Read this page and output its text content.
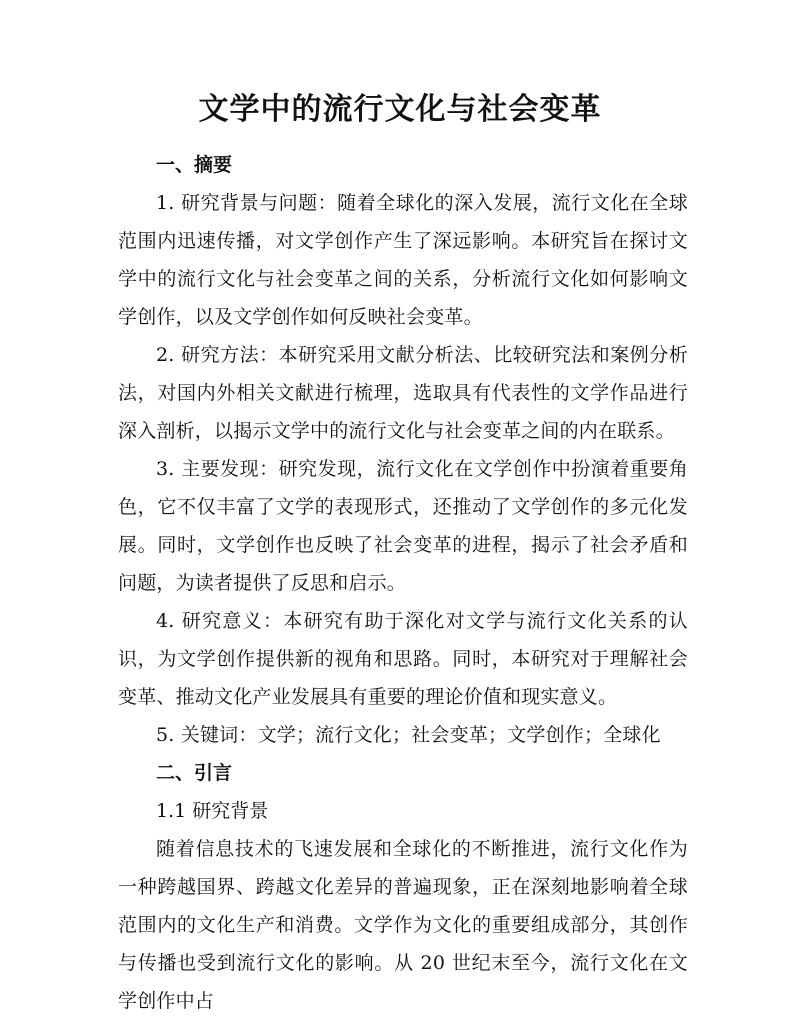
文学中的流行文化与社会变革
一、摘要

1. 研究背景与问题：随着全球化的深入发展，流行文化在全球范围内迅速传播，对文学创作产生了深远影响。本研究旨在探讨文学中的流行文化与社会变革之间的关系，分析流行文化如何影响文学创作，以及文学创作如何反映社会变革。

2. 研究方法：本研究采用文献分析法、比较研究法和案例分析法，对国内外相关文献进行梳理，选取具有代表性的文学作品进行深入剖析，以揭示文学中的流行文化与社会变革之间的内在联系。

3. 主要发现：研究发现，流行文化在文学创作中扮演着重要角色，它不仅丰富了文学的表现形式，还推动了文学创作的多元化发展。同时，文学创作也反映了社会变革的进程，揭示了社会矛盾和问题，为读者提供了反思和启示。

4. 研究意义：本研究有助于深化对文学与流行文化关系的认识，为文学创作提供新的视角和思路。同时，本研究对于理解社会变革、推动文化产业发展具有重要的理论价值和现实意义。

5. 关键词：文学；流行文化；社会变革；文学创作；全球化

二、引言
1.1 研究背景

随着信息技术的飞速发展和全球化的不断推进，流行文化作为一种跨越国界、跨越文化差异的普遍现象，正在深刻地影响着全球范围内的文化生产和消费。文学作为文化的重要组成部分，其创作与传播也受到流行文化的影响。从 20 世纪末至今，流行文化在文学创作中占
